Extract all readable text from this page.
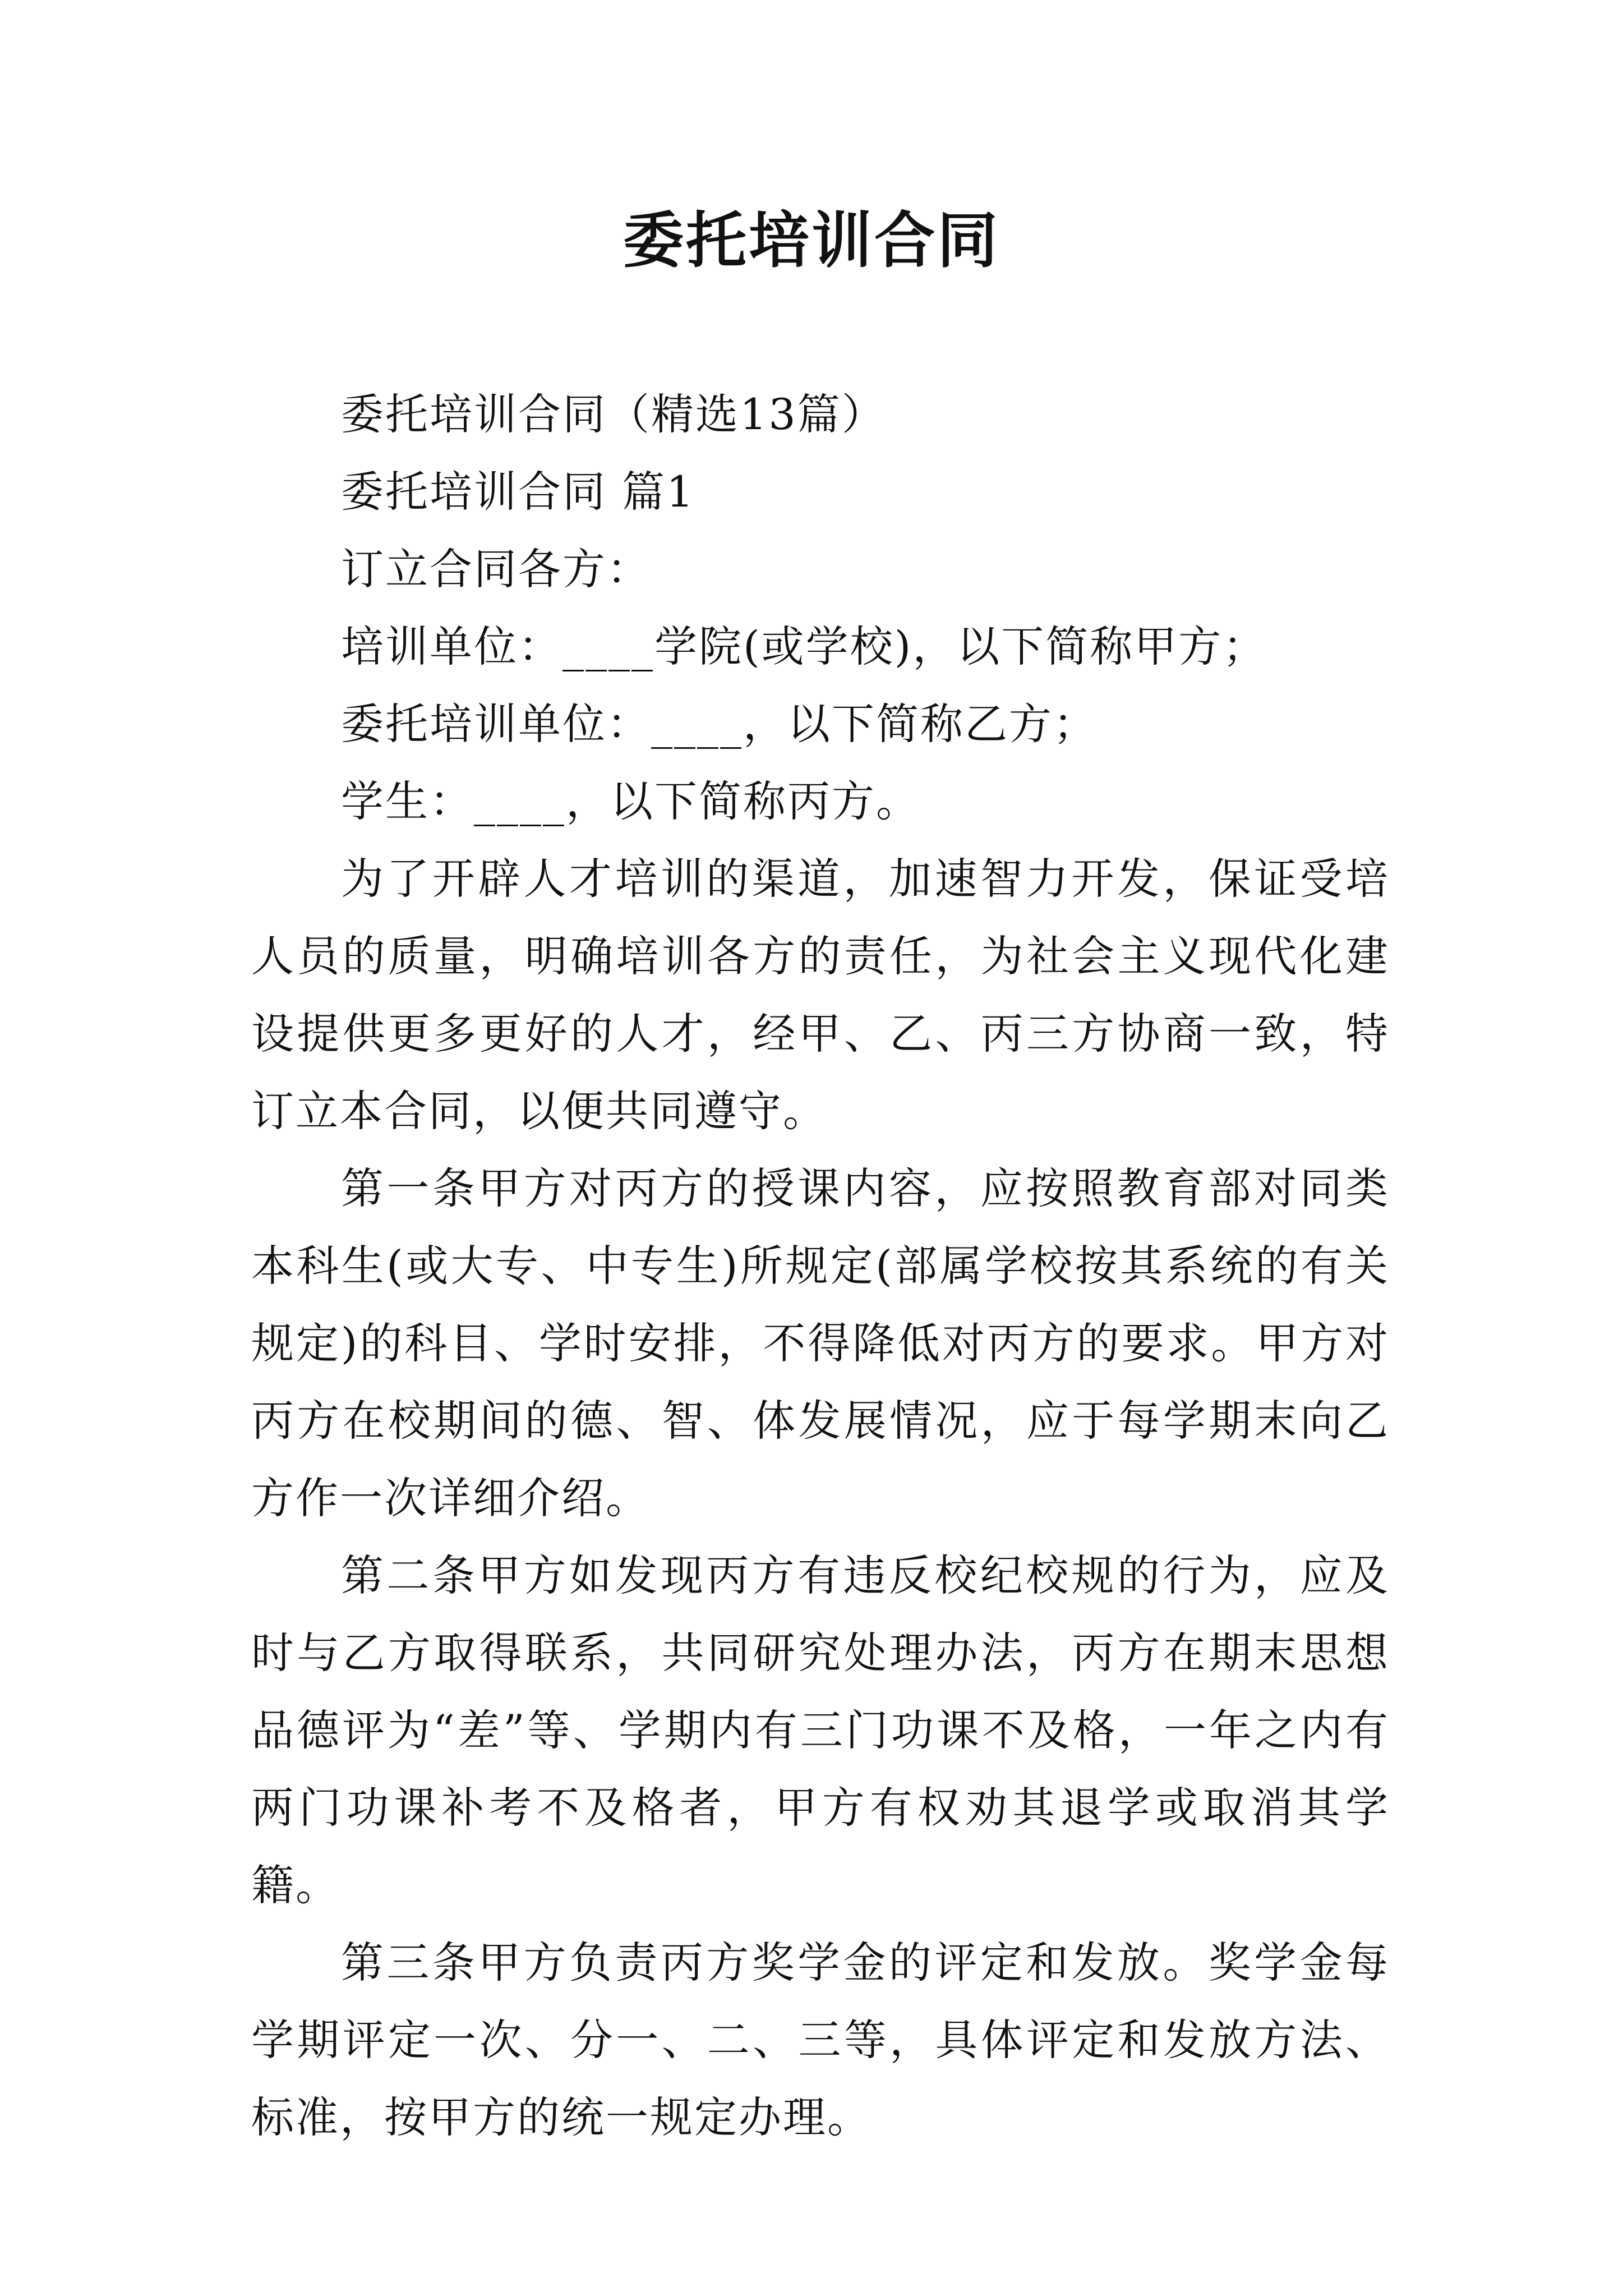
委托培训合同

委托培训合同（精选13篇）

委托培训合同 篇1

订立合同各方：

培训单位：____学院(或学校)，以下简称甲方；

委托培训单位：____，以下简称乙方；

学生：____，以下简称丙方。

为了开辟人才培训的渠道，加速智力开发，保证受培人员的质量，明确培训各方的责任，为社会主义现代化建设提供更多更好的人才，经甲、乙、丙三方协商一致，特订立本合同，以便共同遵守。

第一条甲方对丙方的授课内容，应按照教育部对同类本科生(或大专、中专生)所规定(部属学校按其系统的有关规定)的科目、学时安排，不得降低对丙方的要求。甲方对丙方在校期间的德、智、体发展情况，应于每学期末向乙方作一次详细介绍。

第二条甲方如发现丙方有违反校纪校规的行为，应及时与乙方取得联系，共同研究处理办法，丙方在期末思想品德评为“差”等、学期内有三门功课不及格，一年之内有两门功课补考不及格者，甲方有权劝其退学或取消其学籍。

第三条甲方负责丙方奖学金的评定和发放。奖学金每学期评定一次、分一、二、三等，具体评定和发放方法、标准，按甲方的统一规定办理。
